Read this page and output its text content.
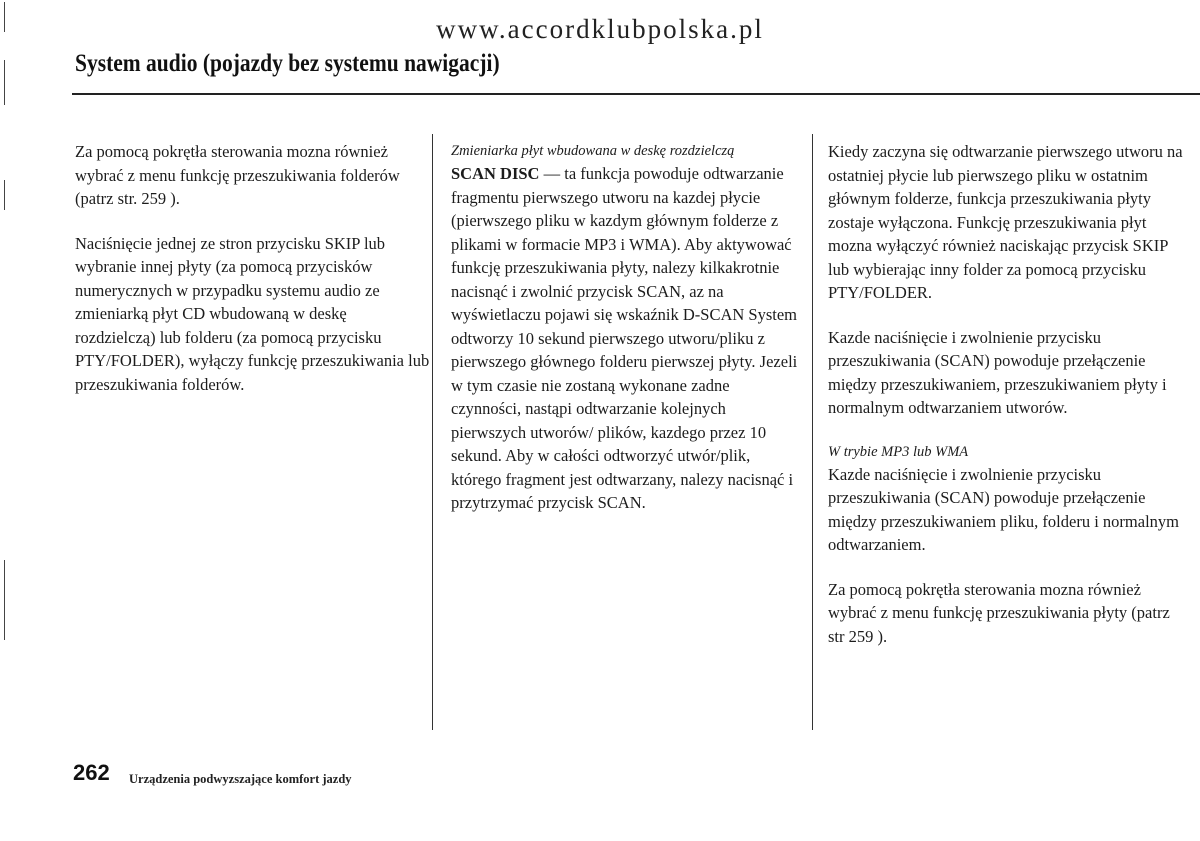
www.accordklubpolska.pl
System audio (pojazdy bez systemu nawigacji)

Za pomocą pokrętła sterowania mozna również wybrać z menu funkcję przeszukiwania folderów (patrz str. 259 ).

Naciśnięcie jednej ze stron przycisku SKIP lub wybranie innej płyty (za pomocą przycisków numerycznych w przypadku systemu audio ze zmieniarką płyt CD wbudowaną w deskę rozdzielczą) lub folderu (za pomocą przycisku PTY/FOLDER), wyłączy funkcję przeszukiwania lub przeszukiwania folderów.

Zmieniarka płyt wbudowana w deskę rozdzielczą

SCAN DISC — ta funkcja powoduje odtwarzanie fragmentu pierwszego utworu na kazdej płycie (pierwszego pliku w kazdym głównym folderze z plikami w formacie MP3 i WMA). Aby aktywować funkcję przeszukiwania płyty, nalezy kilkakrotnie nacisnąć i zwolnić przycisk SCAN, az na wyświetlaczu pojawi się wskaźnik D-SCAN System odtworzy 10 sekund pierwszego utworu/pliku z pierwszego głównego folderu pierwszej płyty. Jezeli w tym czasie nie zostaną wykonane zadne czynności, nastąpi odtwarzanie kolejnych pierwszych utworów/ plików, kazdego przez 10 sekund. Aby w całości odtworzyć utwór/plik, którego fragment jest odtwarzany, nalezy nacisnąć i przytrzymać przycisk SCAN.

Kiedy zaczyna się odtwarzanie pierwszego utworu na ostatniej płycie lub pierwszego pliku w ostatnim głównym folderze, funkcja przeszukiwania płyty zostaje wyłączona. Funkcję przeszukiwania płyt mozna wyłączyć również naciskając przycisk SKIP lub wybierając inny folder za pomocą przycisku PTY/FOLDER.

Kazde naciśnięcie i zwolnienie przycisku przeszukiwania (SCAN) powoduje przełączenie między przeszukiwaniem, przeszukiwaniem płyty i normalnym odtwarzaniem utworów.

W trybie MP3 lub WMA

Kazde naciśnięcie i zwolnienie przycisku przeszukiwania (SCAN) powoduje przełączenie między przeszukiwaniem pliku, folderu i normalnym odtwarzaniem.

Za pomocą pokrętła sterowania mozna również wybrać z menu funkcję przeszukiwania płyty (patrz str 259 ).

262 Urządzenia podwyzszające komfort jazdy
